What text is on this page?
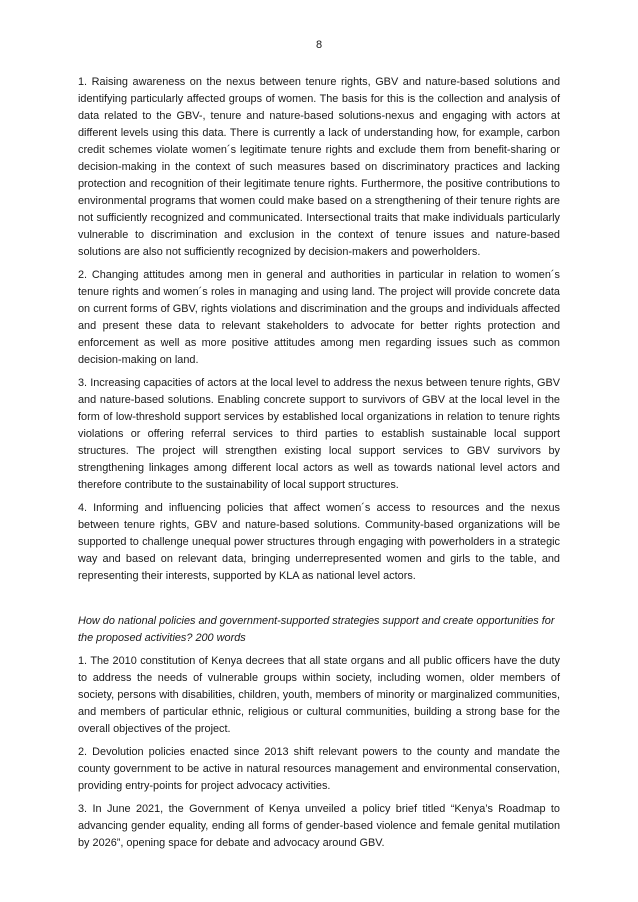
8

1. Raising awareness on the nexus between tenure rights, GBV and nature-based solutions and identifying particularly affected groups of women. The basis for this is the collection and analysis of data related to the GBV-, tenure and nature-based solutions-nexus and engaging with actors at different levels using this data. There is currently a lack of understanding how, for example, carbon credit schemes violate women´s legitimate tenure rights and exclude them from benefit-sharing or decision-making in the context of such measures based on discriminatory practices and lacking protection and recognition of their legitimate tenure rights. Furthermore, the positive contributions to environmental programs that women could make based on a strengthening of their tenure rights are not sufficiently recognized and communicated. Intersectional traits that make individuals particularly vulnerable to discrimination and exclusion in the context of tenure issues and nature-based solutions are also not sufficiently recognized by decision-makers and powerholders.

2. Changing attitudes among men in general and authorities in particular in relation to women´s tenure rights and women´s roles in managing and using land. The project will provide concrete data on current forms of GBV, rights violations and discrimination and the groups and individuals affected and present these data to relevant stakeholders to advocate for better rights protection and enforcement as well as more positive attitudes among men regarding issues such as common decision-making on land.

3. Increasing capacities of actors at the local level to address the nexus between tenure rights, GBV and nature-based solutions. Enabling concrete support to survivors of GBV at the local level in the form of low-threshold support services by established local organizations in relation to tenure rights violations or offering referral services to third parties to establish sustainable local support structures. The project will strengthen existing local support services to GBV survivors by strengthening linkages among different local actors as well as towards national level actors and therefore contribute to the sustainability of local support structures.

4. Informing and influencing policies that affect women´s access to resources and the nexus between tenure rights, GBV and nature-based solutions. Community-based organizations will be supported to challenge unequal power structures through engaging with powerholders in a strategic way and based on relevant data, bringing underrepresented women and girls to the table, and representing their interests, supported by KLA as national level actors.

How do national policies and government-supported strategies support and create opportunities for the proposed activities? 200 words

1. The 2010 constitution of Kenya decrees that all state organs and all public officers have the duty to address the needs of vulnerable groups within society, including women, older members of society, persons with disabilities, children, youth, members of minority or marginalized communities, and members of particular ethnic, religious or cultural communities, building a strong base for the overall objectives of the project.

2. Devolution policies enacted since 2013 shift relevant powers to the county and mandate the county government to be active in natural resources management and environmental conservation, providing entry-points for project advocacy activities.

3. In June 2021, the Government of Kenya unveiled a policy brief titled “Kenya’s Roadmap to advancing gender equality, ending all forms of gender-based violence and female genital mutilation by 2026”, opening space for debate and advocacy around GBV.
